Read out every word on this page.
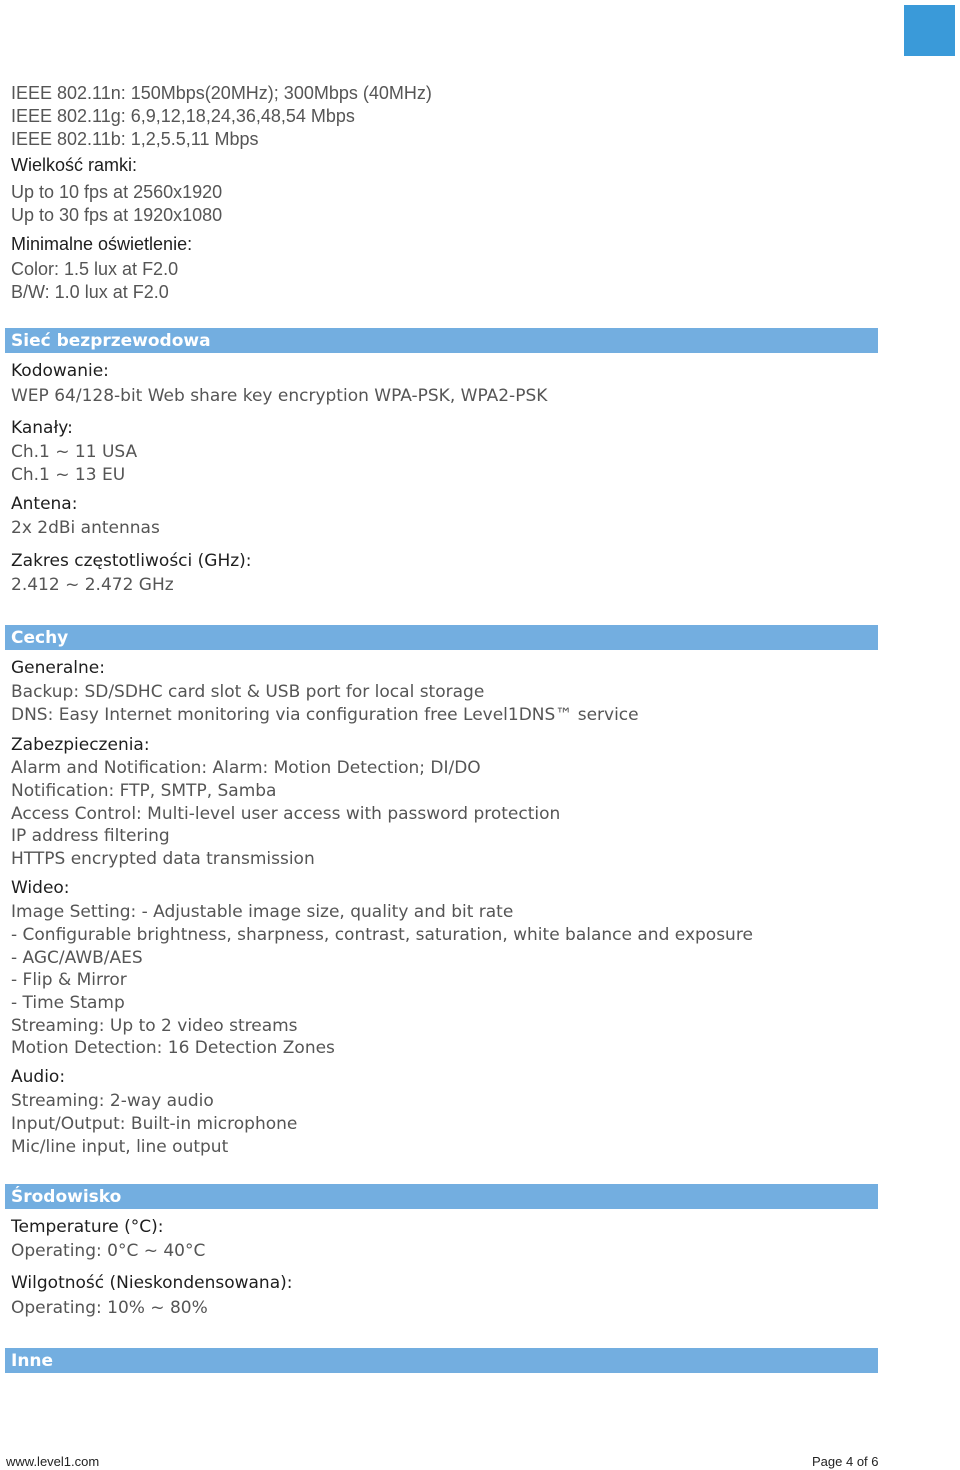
IEEE 802.11n: 150Mbps(20MHz); 300Mbps (40MHz)
IEEE 802.11g: 6,9,12,18,24,36,48,54 Mbps
IEEE 802.11b: 1,2,5.5,11 Mbps
Wielkość ramki:
Up to 10 fps at 2560x1920
Up to 30 fps at 1920x1080
Minimalne oświetlenie:
Color: 1.5 lux at F2.0
B/W: 1.0 lux at F2.0
Sieć bezprzewodowa
Kodowanie:
WEP 64/128-bit Web share key encryption WPA-PSK, WPA2-PSK
Kanały:
Ch.1 ~ 11 USA
Ch.1 ~ 13 EU
Antena:
2x 2dBi antennas
Zakres częstotliwości (GHz):
2.412 ~ 2.472 GHz
Cechy
Generalne:
Backup: SD/SDHC card slot & USB port for local storage
DNS: Easy Internet monitoring via configuration free Level1DNS™ service
Zabezpieczenia:
Alarm and Notification: Alarm: Motion Detection; DI/DO
Notification: FTP, SMTP, Samba
Access Control: Multi-level user access with password protection
IP address filtering
HTTPS encrypted data transmission
Wideo:
Image Setting: - Adjustable image size, quality and bit rate
- Configurable brightness, sharpness, contrast, saturation, white balance and exposure
- AGC/AWB/AES
- Flip & Mirror
- Time Stamp
Streaming: Up to 2 video streams
Motion Detection: 16 Detection Zones
Audio:
Streaming: 2-way audio
Input/Output: Built-in microphone
Mic/line input, line output
Środowisko
Temperature (°C):
Operating: 0°C ~ 40°C
Wilgotność (Nieskondensowana):
Operating: 10% ~ 80%
Inne
www.level1.com	Page 4 of 6
